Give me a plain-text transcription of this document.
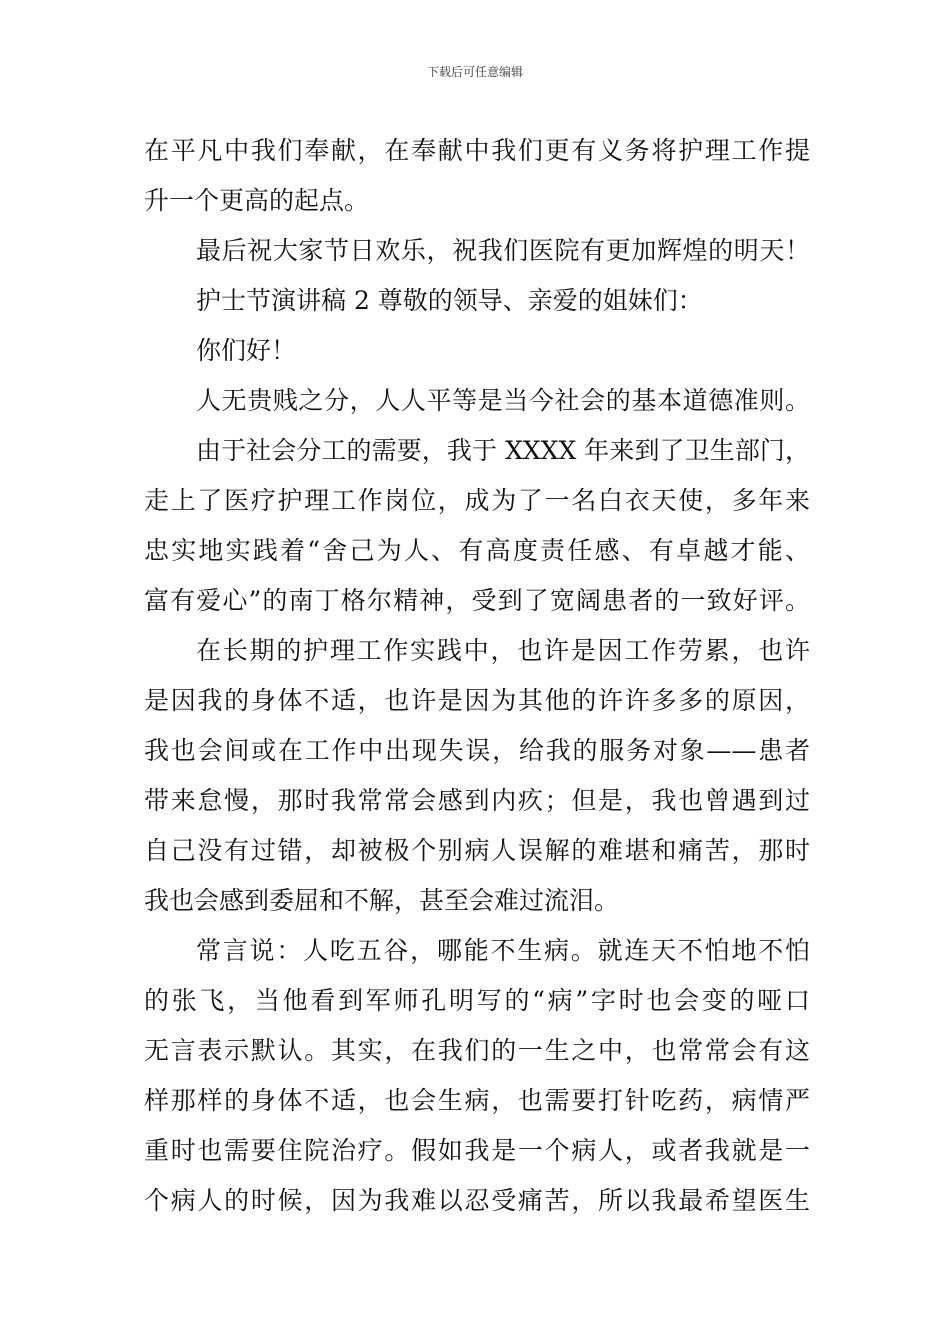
下载后可任意编辑
在平凡中我们奉献，在奉献中我们更有义务将护理工作提
升一个更高的起点。
最后祝大家节日欢乐，祝我们医院有更加辉煌的明天！
护士节演讲稿 2 尊敬的领导、亲爱的姐妹们：
你们好！
人无贵贱之分，人人平等是当今社会的基本道德准则。
由于社会分工的需要，我于 XXXX 年来到了卫生部门，
走上了医疗护理工作岗位，成为了一名白衣天使，多年来
忠实地实践着“舍己为人、有高度责任感、有卓越才能、
富有爱心”的南丁格尔精神，受到了宽阔患者的一致好评。
在长期的护理工作实践中，也许是因工作劳累，也许
是因我的身体不适，也许是因为其他的许许多多的原因，
我也会间或在工作中出现失误，给我的服务对象——患者
带来怠慢，那时我常常会感到内疚；但是，我也曾遇到过
自己没有过错，却被极个别病人误解的难堪和痛苦，那时
我也会感到委屈和不解，甚至会难过流泪。
常言说：人吃五谷，哪能不生病。就连天不怕地不怕
的张飞，当他看到军师孔明写的“病”字时也会变的哑口
无言表示默认。其实，在我们的一生之中，也常常会有这
样那样的身体不适，也会生病，也需要打针吃药，病情严
重时也需要住院治疗。假如我是一个病人，或者我就是一
个病人的时候，因为我难以忍受痛苦，所以我最希望医生
